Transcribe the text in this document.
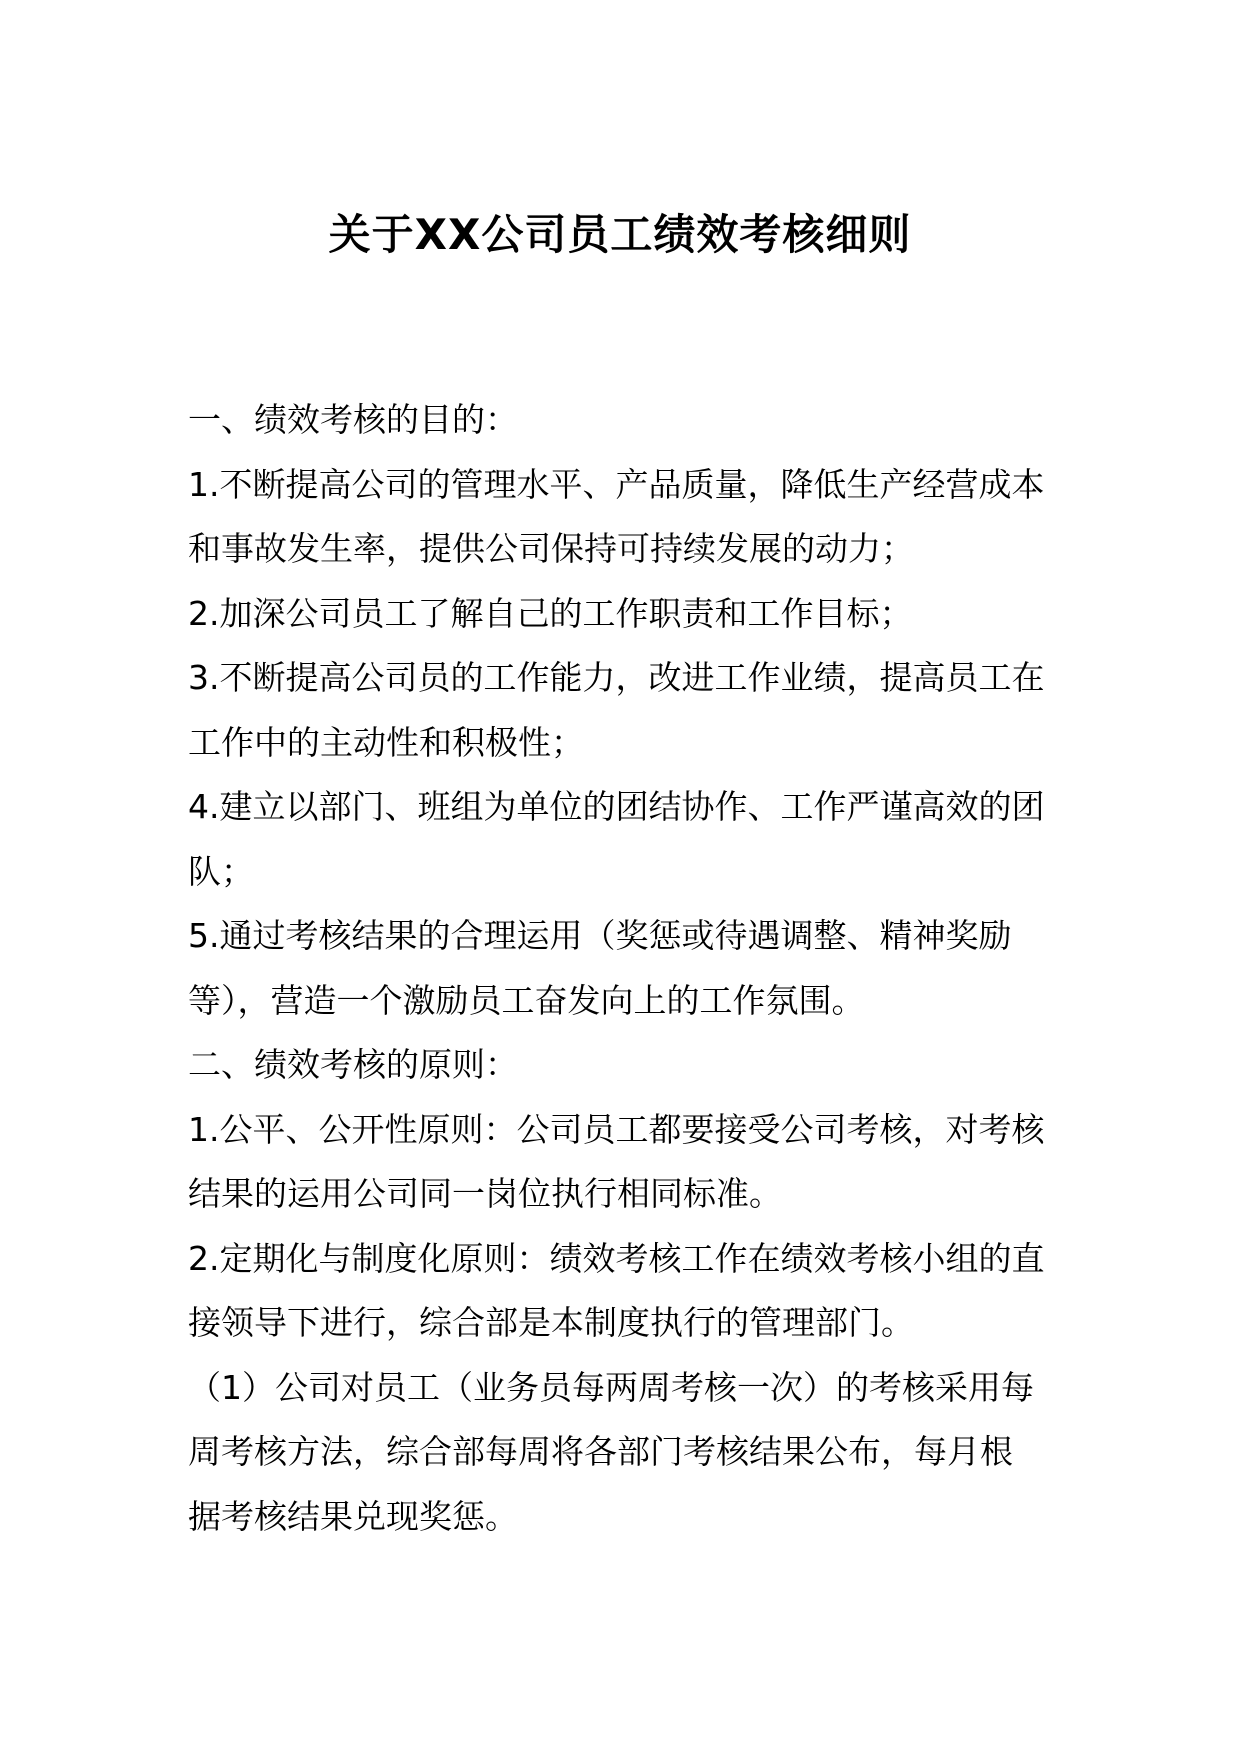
关于XX公司员工绩效考核细则

一、绩效考核的目的：

1.不断提高公司的管理水平、产品质量，降低生产经营成本
和事故发生率，提供公司保持可持续发展的动力；

2.加深公司员工了解自己的工作职责和工作目标；

3.不断提高公司员的工作能力，改进工作业绩，提高员工在
工作中的主动性和积极性；

4.建立以部门、班组为单位的团结协作、工作严谨高效的团
队；

5.通过考核结果的合理运用（奖惩或待遇调整、精神奖励
等），营造一个激励员工奋发向上的工作氛围。

二、绩效考核的原则：

1.公平、公开性原则：公司员工都要接受公司考核，对考核
结果的运用公司同一岗位执行相同标准。

2.定期化与制度化原则：绩效考核工作在绩效考核小组的直
接领导下进行，综合部是本制度执行的管理部门。

（1）公司对员工（业务员每两周考核一次）的考核采用每
周考核方法，综合部每周将各部门考核结果公布，每月根
据考核结果兑现奖惩。
